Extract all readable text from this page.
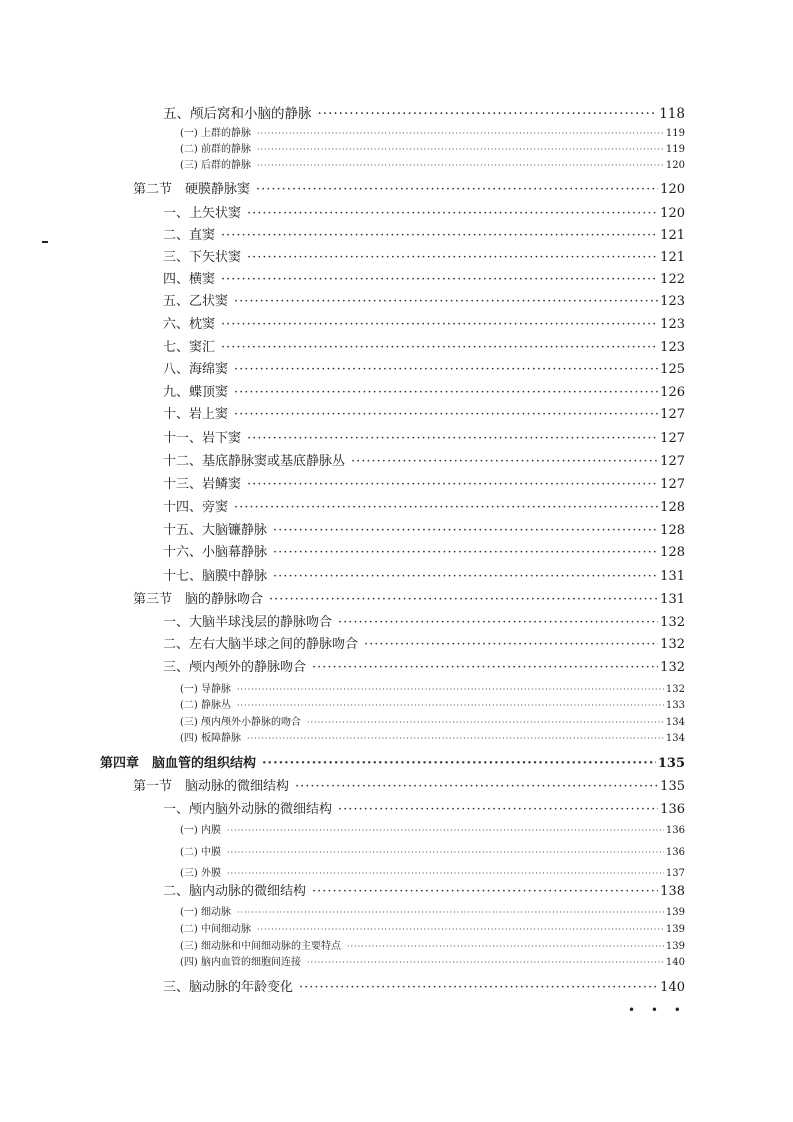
五、颅后窝和小脑的静脉 ·····	118
(一) 上群的静脉 ·····	119
(二) 前群的静脉 ·····	119
(三) 后群的静脉 ·····	120
第二节　硬膜静脉窦 ·····	120
一、上矢状窦 ·····	120
二、直窦 ·····	121
三、下矢状窦 ·····	121
四、横窦 ·····	122
五、乙状窦 ·····	123
六、枕窦 ·····	123
七、窦汇 ·····	123
八、海绵窦 ·····	125
九、蝶顶窦 ·····	126
十、岩上窦 ·····	127
十一、岩下窦 ·····	127
十二、基底静脉窦或基底静脉丛 ·····	127
十三、岩鳞窦 ·····	127
十四、旁窦 ·····	128
十五、大脑镰静脉 ·····	128
十六、小脑幕静脉 ·····	128
十七、脑膜中静脉 ·····	131
第三节　脑的静脉吻合 ·····	131
一、大脑半球浅层的静脉吻合 ·····	132
二、左右大脑半球之间的静脉吻合 ·····	132
三、颅内颅外的静脉吻合 ·····	132
(一) 导静脉 ·····	132
(二) 静脉丛 ·····	133
(三) 颅内颅外小静脉的吻合 ·····	134
(四) 板障静脉 ·····	134
第四章　脑血管的组织结构 ·····	135
第一节　脑动脉的微细结构 ·····	135
一、颅内脑外动脉的微细结构 ·····	136
(一) 内膜 ·····	136
(二) 中膜 ·····	136
(三) 外膜 ·····	137
二、脑内动脉的微细结构 ·····	138
(一) 细动脉 ·····	139
(二) 中间细动脉 ·····	139
(三) 细动脉和中间细动脉的主要特点 ·····	139
(四) 脑内血管的细胞间连接 ·····	140
三、脑动脉的年龄变化 ·····	140
• • •
